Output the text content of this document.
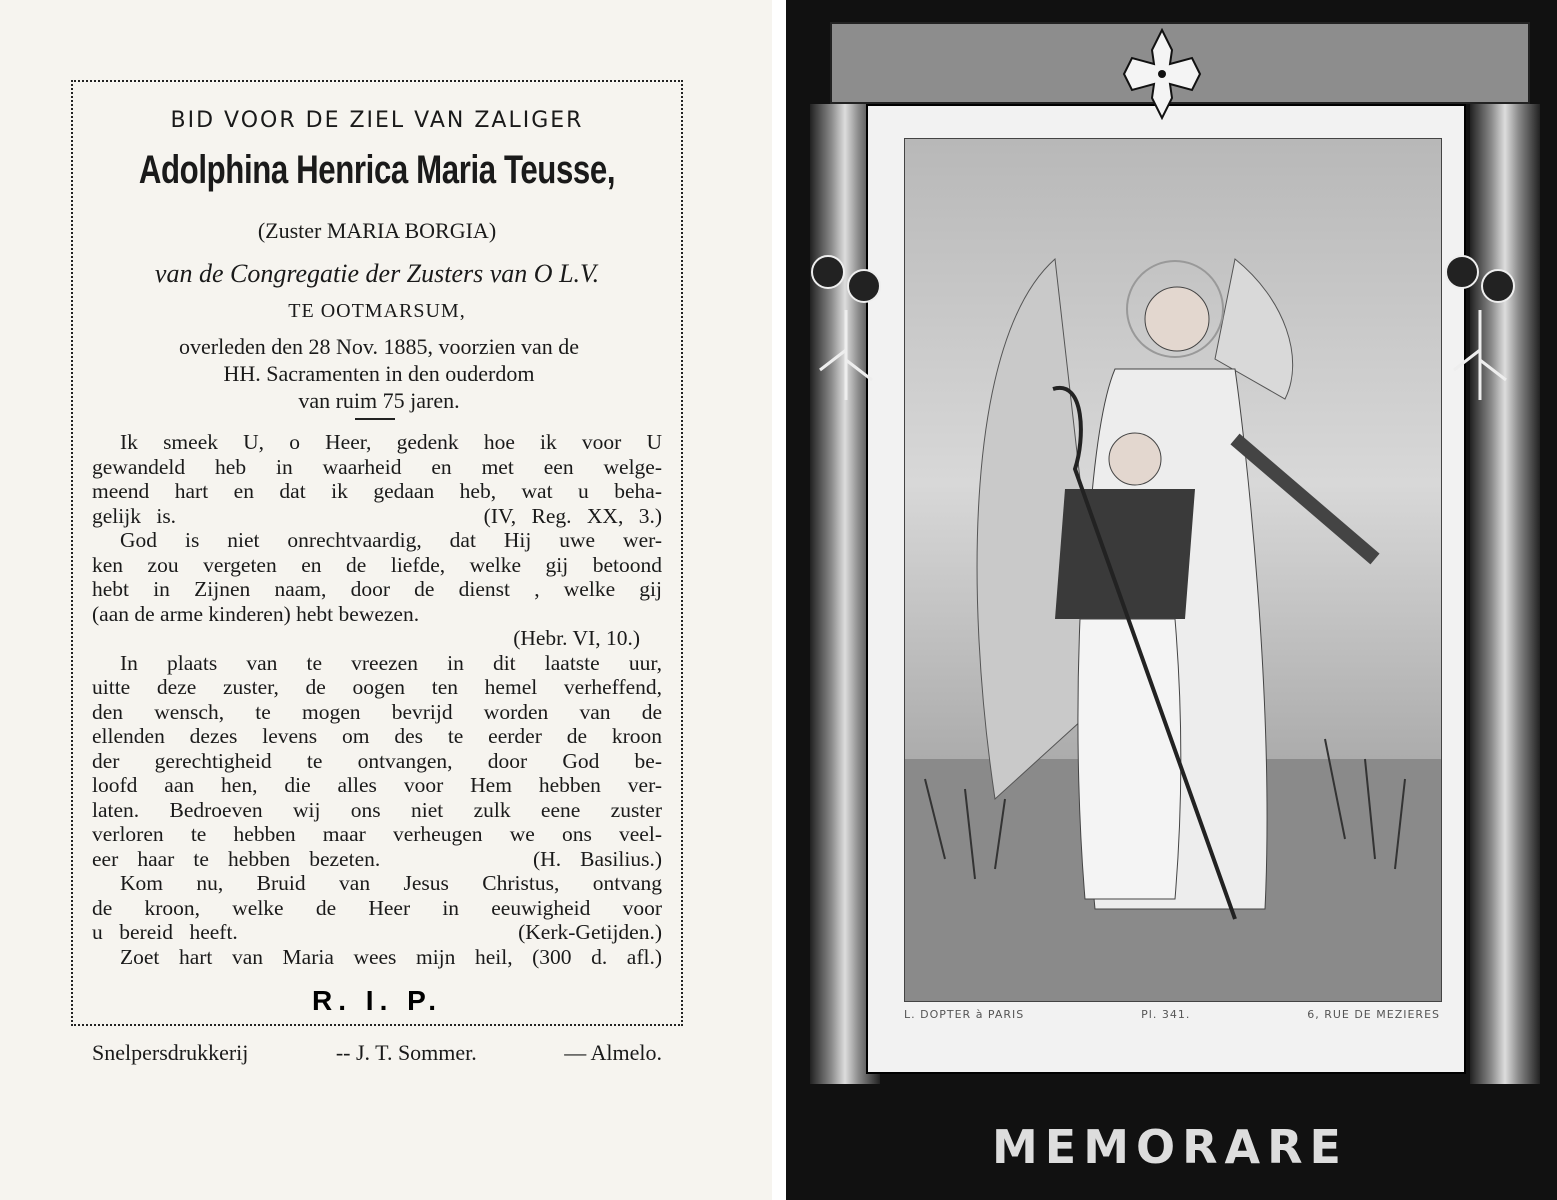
BID VOOR DE ZIEL VAN ZALIGER
Adolphina Henrica Maria Teusse,
(Zuster MARIA BORGIA)
van de Congregatie der Zusters van O L.V.
TE OOTMARSUM,
overleden den 28 Nov. 1885, voorzien van de
HH. Sacramenten in den ouderdom
van ruim 75 jaren.
Ik smeek U, o Heer, gedenk hoe ik voor U
gewandeld heb in waarheid en met een welge-
meend hart en dat ik gedaan heb, wat u beha-
gelijk is.                    (IV, Reg. XX, 3.)
God is niet onrechtvaardig, dat Hij uwe wer-
ken zou vergeten en de liefde, welke gij betoond
hebt in Zijnen naam, door de dienst , welke gij
(aan de arme kinderen) hebt bewezen.
(Hebr. VI, 10.)
In plaats van te vreezen in dit laatste uur,
uitte deze zuster, de oogen ten hemel verheffend,
den wensch, te mogen bevrijd worden van de
ellenden dezes levens om des te eerder de kroon
der gerechtigheid te ontvangen, door God be-
loofd aan hen, die alles voor Hem hebben ver-
laten. Bedroeven wij ons niet zulk eene zuster
verloren te hebben maar verheugen we ons veel-
eer haar te hebben bezeten.        (H. Basilius.)
Kom nu, Bruid van Jesus Christus, ontvang
de kroon, welke de Heer in eeuwigheid voor
u bereid heeft.                 (Kerk-Getijden.)
Zoet hart van Maria wees mijn heil, (300 d. afl.)
R. I. P.
Snelpersdrukkerij	-- J. T. Sommer.	— Almelo.
L. DOPTER à PARIS	Pl. 341.	6, RUE DE MEZIERES
MEMORARE
